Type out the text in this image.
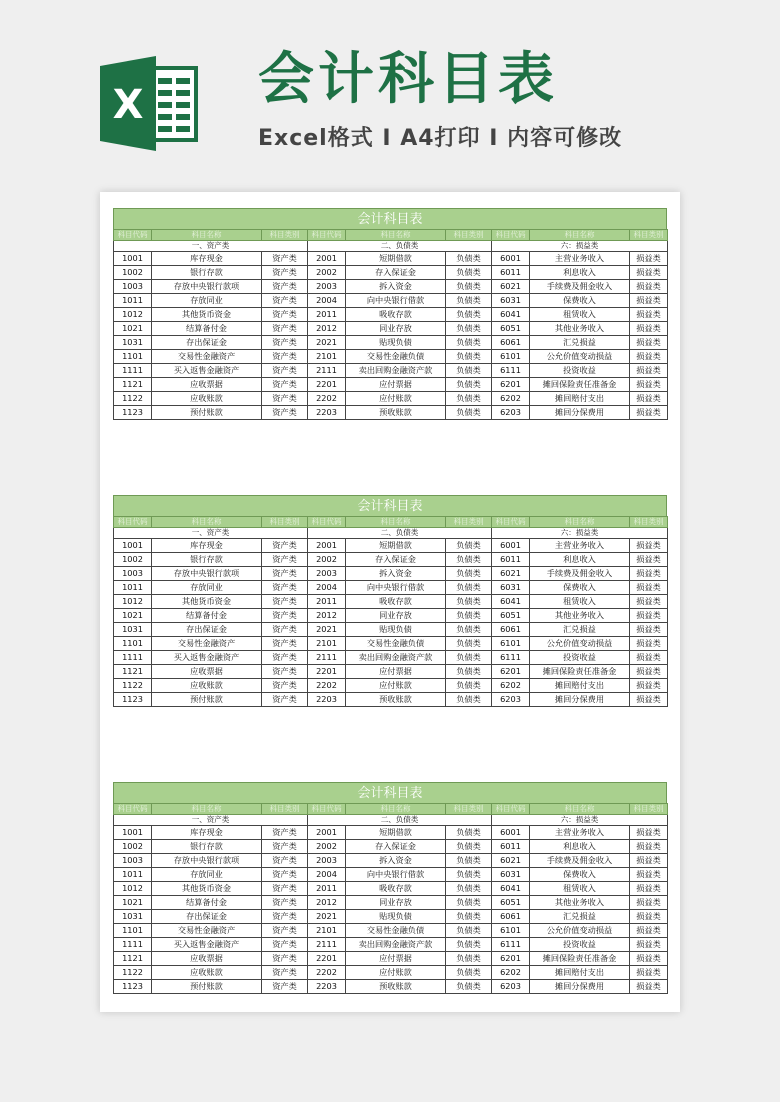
X 会计科目表
Excel格式 I A4打印 I 内容可修改
会计科目表
科目代码	科目名称	科目类别	科目代码	科目名称	科目类别	科目代码	科目名称	科目类别
一、资产类			二、负债类			六：损益类		
1001	库存现金	资产类	2001	短期借款	负债类	6001	主营业务收入	损益类
1002	银行存款	资产类	2002	存入保证金	负债类	6011	利息收入	损益类
1003	存放中央银行款项	资产类	2003	拆入资金	负债类	6021	手续费及佣金收入	损益类
1011	存放同业	资产类	2004	向中央银行借款	负债类	6031	保费收入	损益类
1012	其他货币资金	资产类	2011	吸收存款	负债类	6041	租赁收入	损益类
1021	结算备付金	资产类	2012	同业存放	负债类	6051	其他业务收入	损益类
1031	存出保证金	资产类	2021	贴现负债	负债类	6061	汇兑损益	损益类
1101	交易性金融资产	资产类	2101	交易性金融负债	负债类	6101	公允价值变动损益	损益类
1111	买入返售金融资产	资产类	2111	卖出回购金融资产款	负债类	6111	投资收益	损益类
1121	应收票据	资产类	2201	应付票据	负债类	6201	摊回保险责任准备金	损益类
1122	应收账款	资产类	2202	应付账款	负债类	6202	摊回赔付支出	损益类
1123	预付账款	资产类	2203	预收账款	负债类	6203	摊回分保费用	损益类
会计科目表
科目代码	科目名称	科目类别	科目代码	科目名称	科目类别	科目代码	科目名称	科目类别
一、资产类			二、负债类			六：损益类		
1001	库存现金	资产类	2001	短期借款	负债类	6001	主营业务收入	损益类
1002	银行存款	资产类	2002	存入保证金	负债类	6011	利息收入	损益类
1003	存放中央银行款项	资产类	2003	拆入资金	负债类	6021	手续费及佣金收入	损益类
1011	存放同业	资产类	2004	向中央银行借款	负债类	6031	保费收入	损益类
1012	其他货币资金	资产类	2011	吸收存款	负债类	6041	租赁收入	损益类
1021	结算备付金	资产类	2012	同业存放	负债类	6051	其他业务收入	损益类
1031	存出保证金	资产类	2021	贴现负债	负债类	6061	汇兑损益	损益类
1101	交易性金融资产	资产类	2101	交易性金融负债	负债类	6101	公允价值变动损益	损益类
1111	买入返售金融资产	资产类	2111	卖出回购金融资产款	负债类	6111	投资收益	损益类
1121	应收票据	资产类	2201	应付票据	负债类	6201	摊回保险责任准备金	损益类
1122	应收账款	资产类	2202	应付账款	负债类	6202	摊回赔付支出	损益类
1123	预付账款	资产类	2203	预收账款	负债类	6203	摊回分保费用	损益类
会计科目表
科目代码	科目名称	科目类别	科目代码	科目名称	科目类别	科目代码	科目名称	科目类别
一、资产类			二、负债类			六：损益类		
1001	库存现金	资产类	2001	短期借款	负债类	6001	主营业务收入	损益类
1002	银行存款	资产类	2002	存入保证金	负债类	6011	利息收入	损益类
1003	存放中央银行款项	资产类	2003	拆入资金	负债类	6021	手续费及佣金收入	损益类
1011	存放同业	资产类	2004	向中央银行借款	负债类	6031	保费收入	损益类
1012	其他货币资金	资产类	2011	吸收存款	负债类	6041	租赁收入	损益类
1021	结算备付金	资产类	2012	同业存放	负债类	6051	其他业务收入	损益类
1031	存出保证金	资产类	2021	贴现负债	负债类	6061	汇兑损益	损益类
1101	交易性金融资产	资产类	2101	交易性金融负债	负债类	6101	公允价值变动损益	损益类
1111	买入返售金融资产	资产类	2111	卖出回购金融资产款	负债类	6111	投资收益	损益类
1121	应收票据	资产类	2201	应付票据	负债类	6201	摊回保险责任准备金	损益类
1122	应收账款	资产类	2202	应付账款	负债类	6202	摊回赔付支出	损益类
1123	预付账款	资产类	2203	预收账款	负债类	6203	摊回分保费用	损益类
